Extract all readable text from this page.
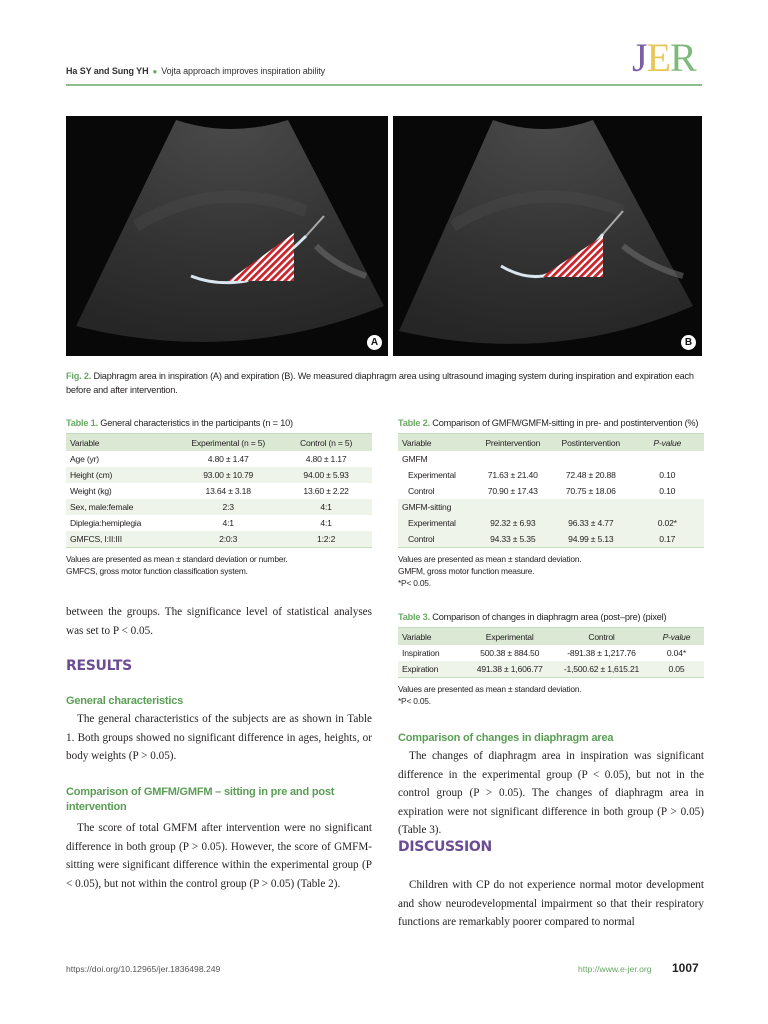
Ha SY and Sung YH ● Vojta approach improves inspiration ability	JER
A	B
Fig. 2. Diaphragm area in inspiration (A) and expiration (B). We measured diaphragm area using ultrasound imaging system during inspiration and expiration each before and after intervention.
Table 1. General characteristics in the participants (n = 10)
Variable	Experimental (n = 5)	Control (n = 5)
Age (yr)	4.80 ± 1.47	4.80 ± 1.17
Height (cm)	93.00 ± 10.79	94.00 ± 5.93
Weight (kg)	13.64 ± 3.18	13.60 ± 2.22
Sex, male:female	2:3	4:1
Diplegia:hemiplegia	4:1	4:1
GMFCS, I:II:III	2:0:3	1:2:2
Values are presented as mean ± standard deviation or number.
GMFCS, gross motor function classification system.
Table 2. Comparison of GMFM/GMFM-sitting in pre- and postintervention (%)
Variable	Preintervention	Postintervention	P-value
GMFM			
Experimental	71.63 ± 21.40	72.48 ± 20.88	0.10
Control	70.90 ± 17.43	70.75 ± 18.06	0.10
GMFM-sitting			
Experimental	92.32 ± 6.93	96.33 ± 4.77	0.02*
Control	94.33 ± 5.35	94.99 ± 5.13	0.17
Values are presented as mean ± standard deviation.
GMFM, gross motor function measure.
*P< 0.05.
Table 3. Comparison of changes in diaphragm area (post–pre) (pixel)
Variable	Experimental	Control	P-value
Inspiration	500.38 ± 884.50	-891.38 ± 1,217.76	0.04*
Expiration	491.38 ± 1,606.77	-1,500.62 ± 1,615.21	0.05
Values are presented as mean ± standard deviation.
*P< 0.05.

between the groups. The significance level of statistical analyses was set to P < 0.05.

RESULTS
General characteristics

The general characteristics of the subjects are as shown in Table 1. Both groups showed no significant difference in ages, heights, or body weights (P > 0.05).

Comparison of GMFM/GMFM – sitting in pre and post intervention

The score of total GMFM after intervention were no significant difference in both group (P > 0.05). However, the score of GMFM-sitting were significant difference within the experimental group (P < 0.05), but not within the control group (P > 0.05) (Table 2).

Comparison of changes in diaphragm area

The changes of diaphragm area in inspiration was significant difference in the experimental group (P < 0.05), but not in the control group (P > 0.05). The changes of diaphragm area in expiration were not significant difference in both group (P > 0.05) (Table 3).

DISCUSSION

Children with CP do not experience normal motor development and show neurodevelopmental impairment so that their respiratory functions are remarkably poorer compared to normal

https://doi.org/10.12965/jer.1836498.249	http://www.e-jer.org 1007
